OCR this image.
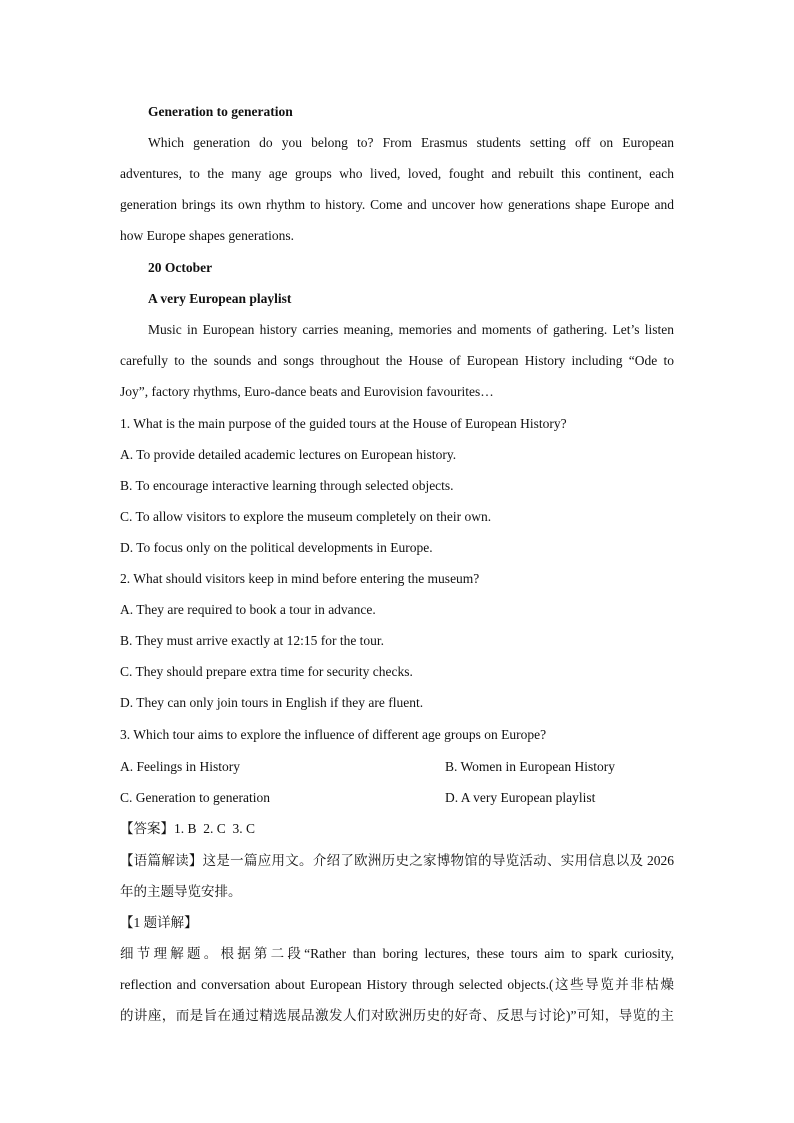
Generation to generation
Which generation do you belong to? From Erasmus students setting off on European
adventures, to the many age groups who lived, loved, fought and rebuilt this continent, each
generation brings its own rhythm to history. Come and uncover how generations shape Europe and
how Europe shapes generations.
20 October
A very European playlist
Music in European history carries meaning, memories and moments of gathering. Let’s listen
carefully to the sounds and songs throughout the House of European History including “Ode to
Joy”, factory rhythms, Euro-dance beats and Eurovision favourites…
1. What is the main purpose of the guided tours at the House of European History?
A. To provide detailed academic lectures on European history.
B. To encourage interactive learning through selected objects.
C. To allow visitors to explore the museum completely on their own.
D. To focus only on the political developments in Europe.
2. What should visitors keep in mind before entering the museum?
A. They are required to book a tour in advance.
B. They must arrive exactly at 12:15 for the tour.
C. They should prepare extra time for security checks.
D. They can only join tours in English if they are fluent.
3. Which tour aims to explore the influence of different age groups on Europe?
A. Feelings in History	B. Women in European History
C. Generation to generation	D. A very European playlist
【答案】1. B  2. C  3. C
【语篇解读】这是一篇应用文。介绍了欧洲历史之家博物馆的导览活动、实用信息以及 2026
年的主题导览安排。
【1 题详解】
细节理解题。根据第二段“Rather than boring lectures, these tours aim to spark curiosity,
reflection and conversation about European History through selected objects.(这些导览并非枯燥
的讲座，而是旨在通过精选展品激发人们对欧洲历史的好奇、反思与讨论)”可知，导览的主
